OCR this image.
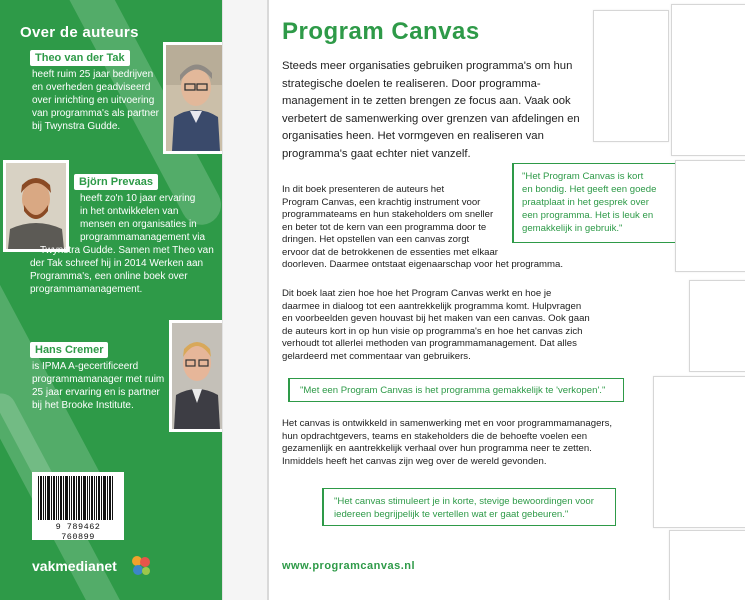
Over de auteurs
Theo van der Tak
heeft ruim 25 jaar bedrijven
en overheden geadviseerd
over inrichting en uitvoering
van programma's als partner
bij Twynstra Gudde.
Björn Prevaas
heeft zo'n 10 jaar ervaring
in het ontwikkelen van
mensen en organisaties in
programmamanagement via
Twynstra Gudde. Samen met Theo van
der Tak schreef hij in 2014 Werken aan
Programma's, een online boek over
programmamanagement.
Hans Cremer
is IPMA A-gecertificeerd
programmamanager met ruim
25 jaar ervaring en is partner
bij het Brooke Institute.
9 789462 760899
vakmedianet
Program Canvas
Steeds meer organisaties gebruiken programma's om hun
strategische doelen te realiseren. Door programma-
management in te zetten brengen ze focus aan. Vaak ook
verbetert de samenwerking over grenzen van afdelingen en
organisaties heen. Het vormgeven en realiseren van
programma's gaat echter niet vanzelf.
In dit boek presenteren de auteurs het
Program Canvas, een krachtig instrument voor
programmateams en hun stakeholders om sneller
en beter tot de kern van een programma door te
dringen. Het opstellen van een canvas zorgt
ervoor dat de betrokkenen de essenties met elkaar
doorleven. Daarmee ontstaat eigenaarschap voor het programma.
"Het Program Canvas is kort
en bondig. Het geeft een goede
praatplaat in het gesprek over
een programma. Het is leuk en
gemakkelijk in gebruik."
Dit boek laat zien hoe hoe het Program Canvas werkt en hoe je
daarmee in dialoog tot een aantrekkelijk programma komt. Hulpvragen
en voorbeelden geven houvast bij het maken van een canvas. Ook gaan
de auteurs kort in op hun visie op programma's en hoe het canvas zich
verhoudt tot allerlei methoden van programmamanagement. Dat alles
gelardeerd met commentaar van gebruikers.
"Met een Program Canvas is het programma gemakkelijk te 'verkopen'."
Het canvas is ontwikkeld in samenwerking met en voor programmamanagers,
hun opdrachtgevers, teams en stakeholders die de behoefte voelen een
gezamenlijk en aantrekkelijk verhaal over hun programma neer te zetten.
Inmiddels heeft het canvas zijn weg over de wereld gevonden.
"Het canvas stimuleert je in korte, stevige bewoordingen voor
iedereen begrijpelijk te vertellen wat er gaat gebeuren."
www.programcanvas.nl
